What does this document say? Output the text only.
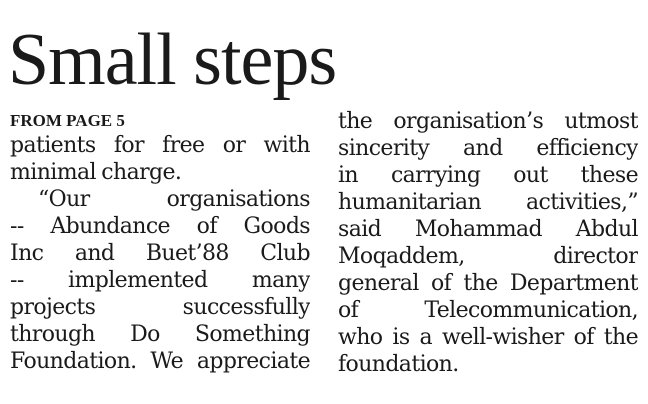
Small steps
FROM PAGE 5
patients for free or with
minimal charge.
“Our organisations
-- Abundance of Goods
Inc and Buet’88 Club
-- implemented many
projects successfully
through Do Something
Foundation. We appreciate
the organisation’s utmost
sincerity and efficiency
in carrying out these
humanitarian activities,”
said Mohammad Abdul
Moqaddem, director
general of the Department
of Telecommunication,
who is a well-wisher of the
foundation.
